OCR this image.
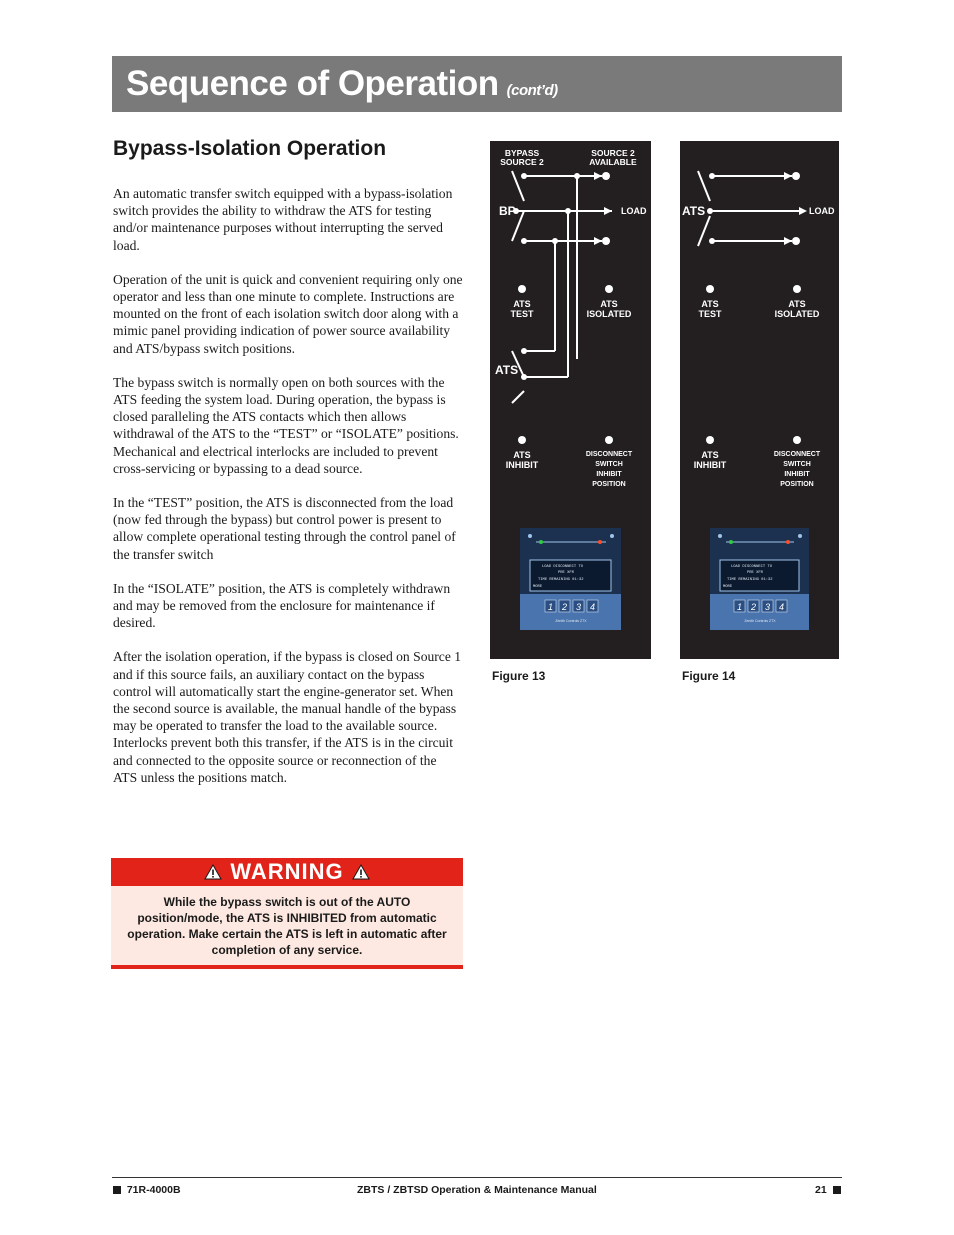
Sequence of Operation (cont’d)
Bypass-Isolation Operation

An automatic transfer switch equipped with a bypass-isolation switch provides the ability to withdraw the ATS for testing and/or maintenance purposes without interrupting the served load.

Operation of the unit is quick and convenient requiring only one operator and less than one minute to complete. Instructions are mounted on the front of each isolation switch door along with a mimic panel providing indication of power source availability and ATS/bypass switch positions.

The bypass switch is normally open on both sources with the ATS feeding the system load. During operation, the bypass is closed paralleling the ATS contacts which then allows withdrawal of the ATS to the “TEST” or “ISOLATE” positions. Mechanical and electrical interlocks are included to prevent cross-servicing or bypassing to a dead source.

In the “TEST” position, the ATS is disconnected from the load (now fed through the bypass) but control power is present to allow complete operational testing through the control panel of the transfer switch

In the “ISOLATE” position, the ATS is completely withdrawn and may be removed from the enclosure for maintenance if desired.

After the isolation operation, if the bypass is closed on Source 1 and if this source fails, an auxiliary contact on the bypass control will automatically start the engine-generator set. When the second source is available, the manual handle of the bypass may be operated to transfer the load to the available source. Interlocks prevent both this transfer, if the ATS is in the circuit and connected to the opposite source or reconnection of the ATS unless the positions match.

BYPASS
SOURCE 2
SOURCE 2
AVAILABLE
BP	LOAD
ATS
ATS
TEST
ATS
ISOLATED
ATS
INHIBIT
DISCONNECT
SWITCH
INHIBIT
POSITION
LOAD DISCONNECT TO
PRE XFR
TIME REMAINING 01:32
MORE
1 2 3 4
Zenith Controls ZTX
Figure 13
ATS	LOAD
ATS
TEST
ATS
ISOLATED
ATS
INHIBIT
DISCONNECT
SWITCH
INHIBIT
POSITION
LOAD DISCONNECT TO
PRE XFR
TIME REMAINING 01:32
MORE
1 2 3 4
Zenith Controls ZTX
Figure 14
WARNING
While the bypass switch is out of the AUTO position/mode, the ATS is INHIBITED from automatic operation. Make certain the ATS is left in automatic after completion of any service.
71R-4000B	ZBTS / ZBTSD Operation & Maintenance Manual	21
